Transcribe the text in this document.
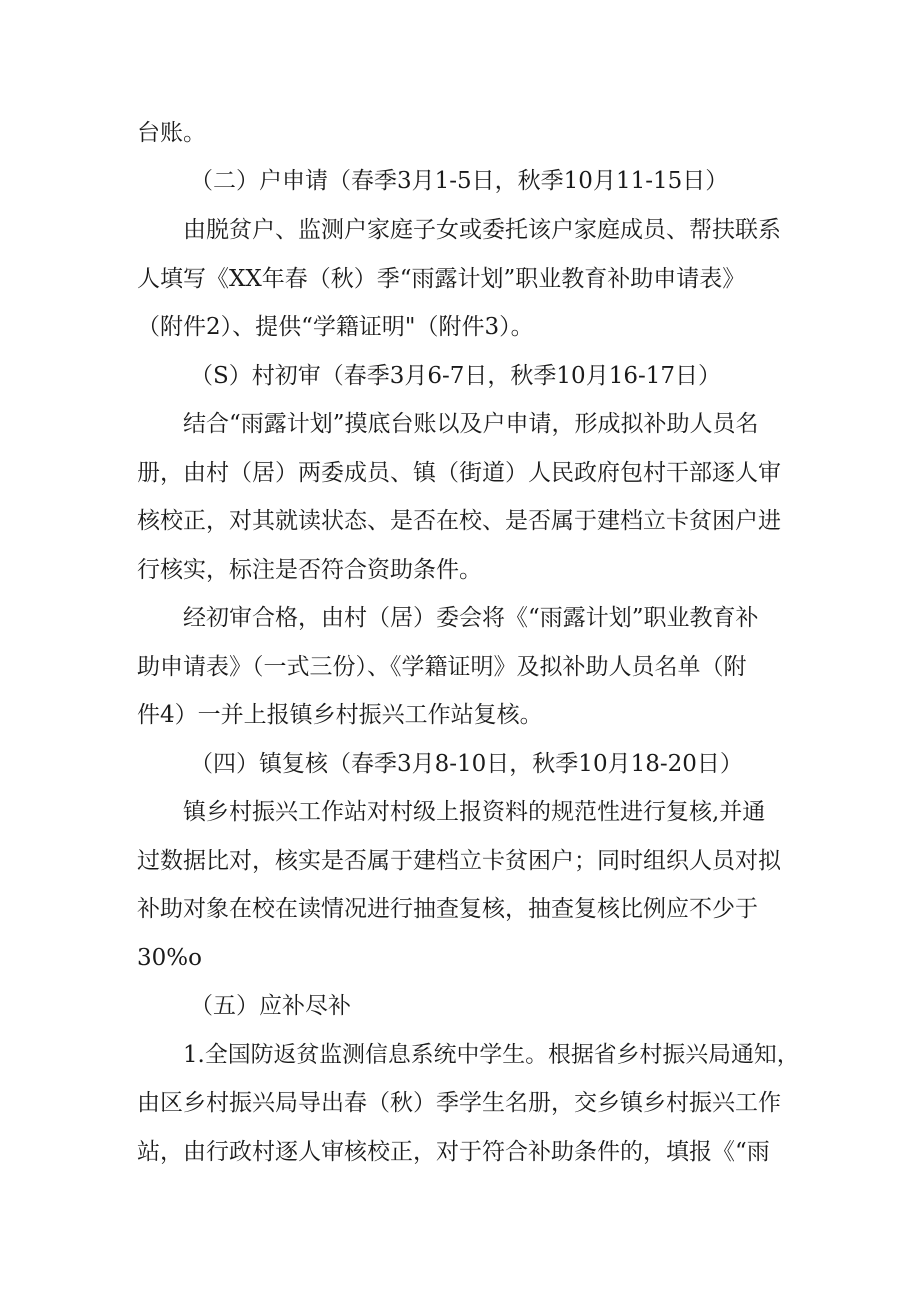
台账。
（二）户申请（春季3月1-5日，秋季10月11-15日）
由脱贫户、监测户家庭子女或委托该户家庭成员、帮扶联系
人填写《XX年春（秋）季“雨露计划”职业教育补助申请表》
（附件2）、提供“学籍证明"（附件3）。
（S）村初审（春季3月6-7日，秋季10月16-17日）
结合“雨露计划”摸底台账以及户申请，形成拟补助人员名
册，由村（居）两委成员、镇（街道）人民政府包村干部逐人审
核校正，对其就读状态、是否在校、是否属于建档立卡贫困户进
行核实，标注是否符合资助条件。
经初审合格，由村（居）委会将《“雨露计划”职业教育补
助申请表》（一式三份）、《学籍证明》及拟补助人员名单（附
件4）一并上报镇乡村振兴工作站复核。
（四）镇复核（春季3月8-10日，秋季10月18-20日）
镇乡村振兴工作站对村级上报资料的规范性进行复核,并通
过数据比对，核实是否属于建档立卡贫困户；同时组织人员对拟
补助对象在校在读情况进行抽查复核，抽查复核比例应不少于
30%o
（五）应补尽补
1.全国防返贫监测信息系统中学生。根据省乡村振兴局通知，
由区乡村振兴局导出春（秋）季学生名册，交乡镇乡村振兴工作
站，由行政村逐人审核校正，对于符合补助条件的，填报《“雨
